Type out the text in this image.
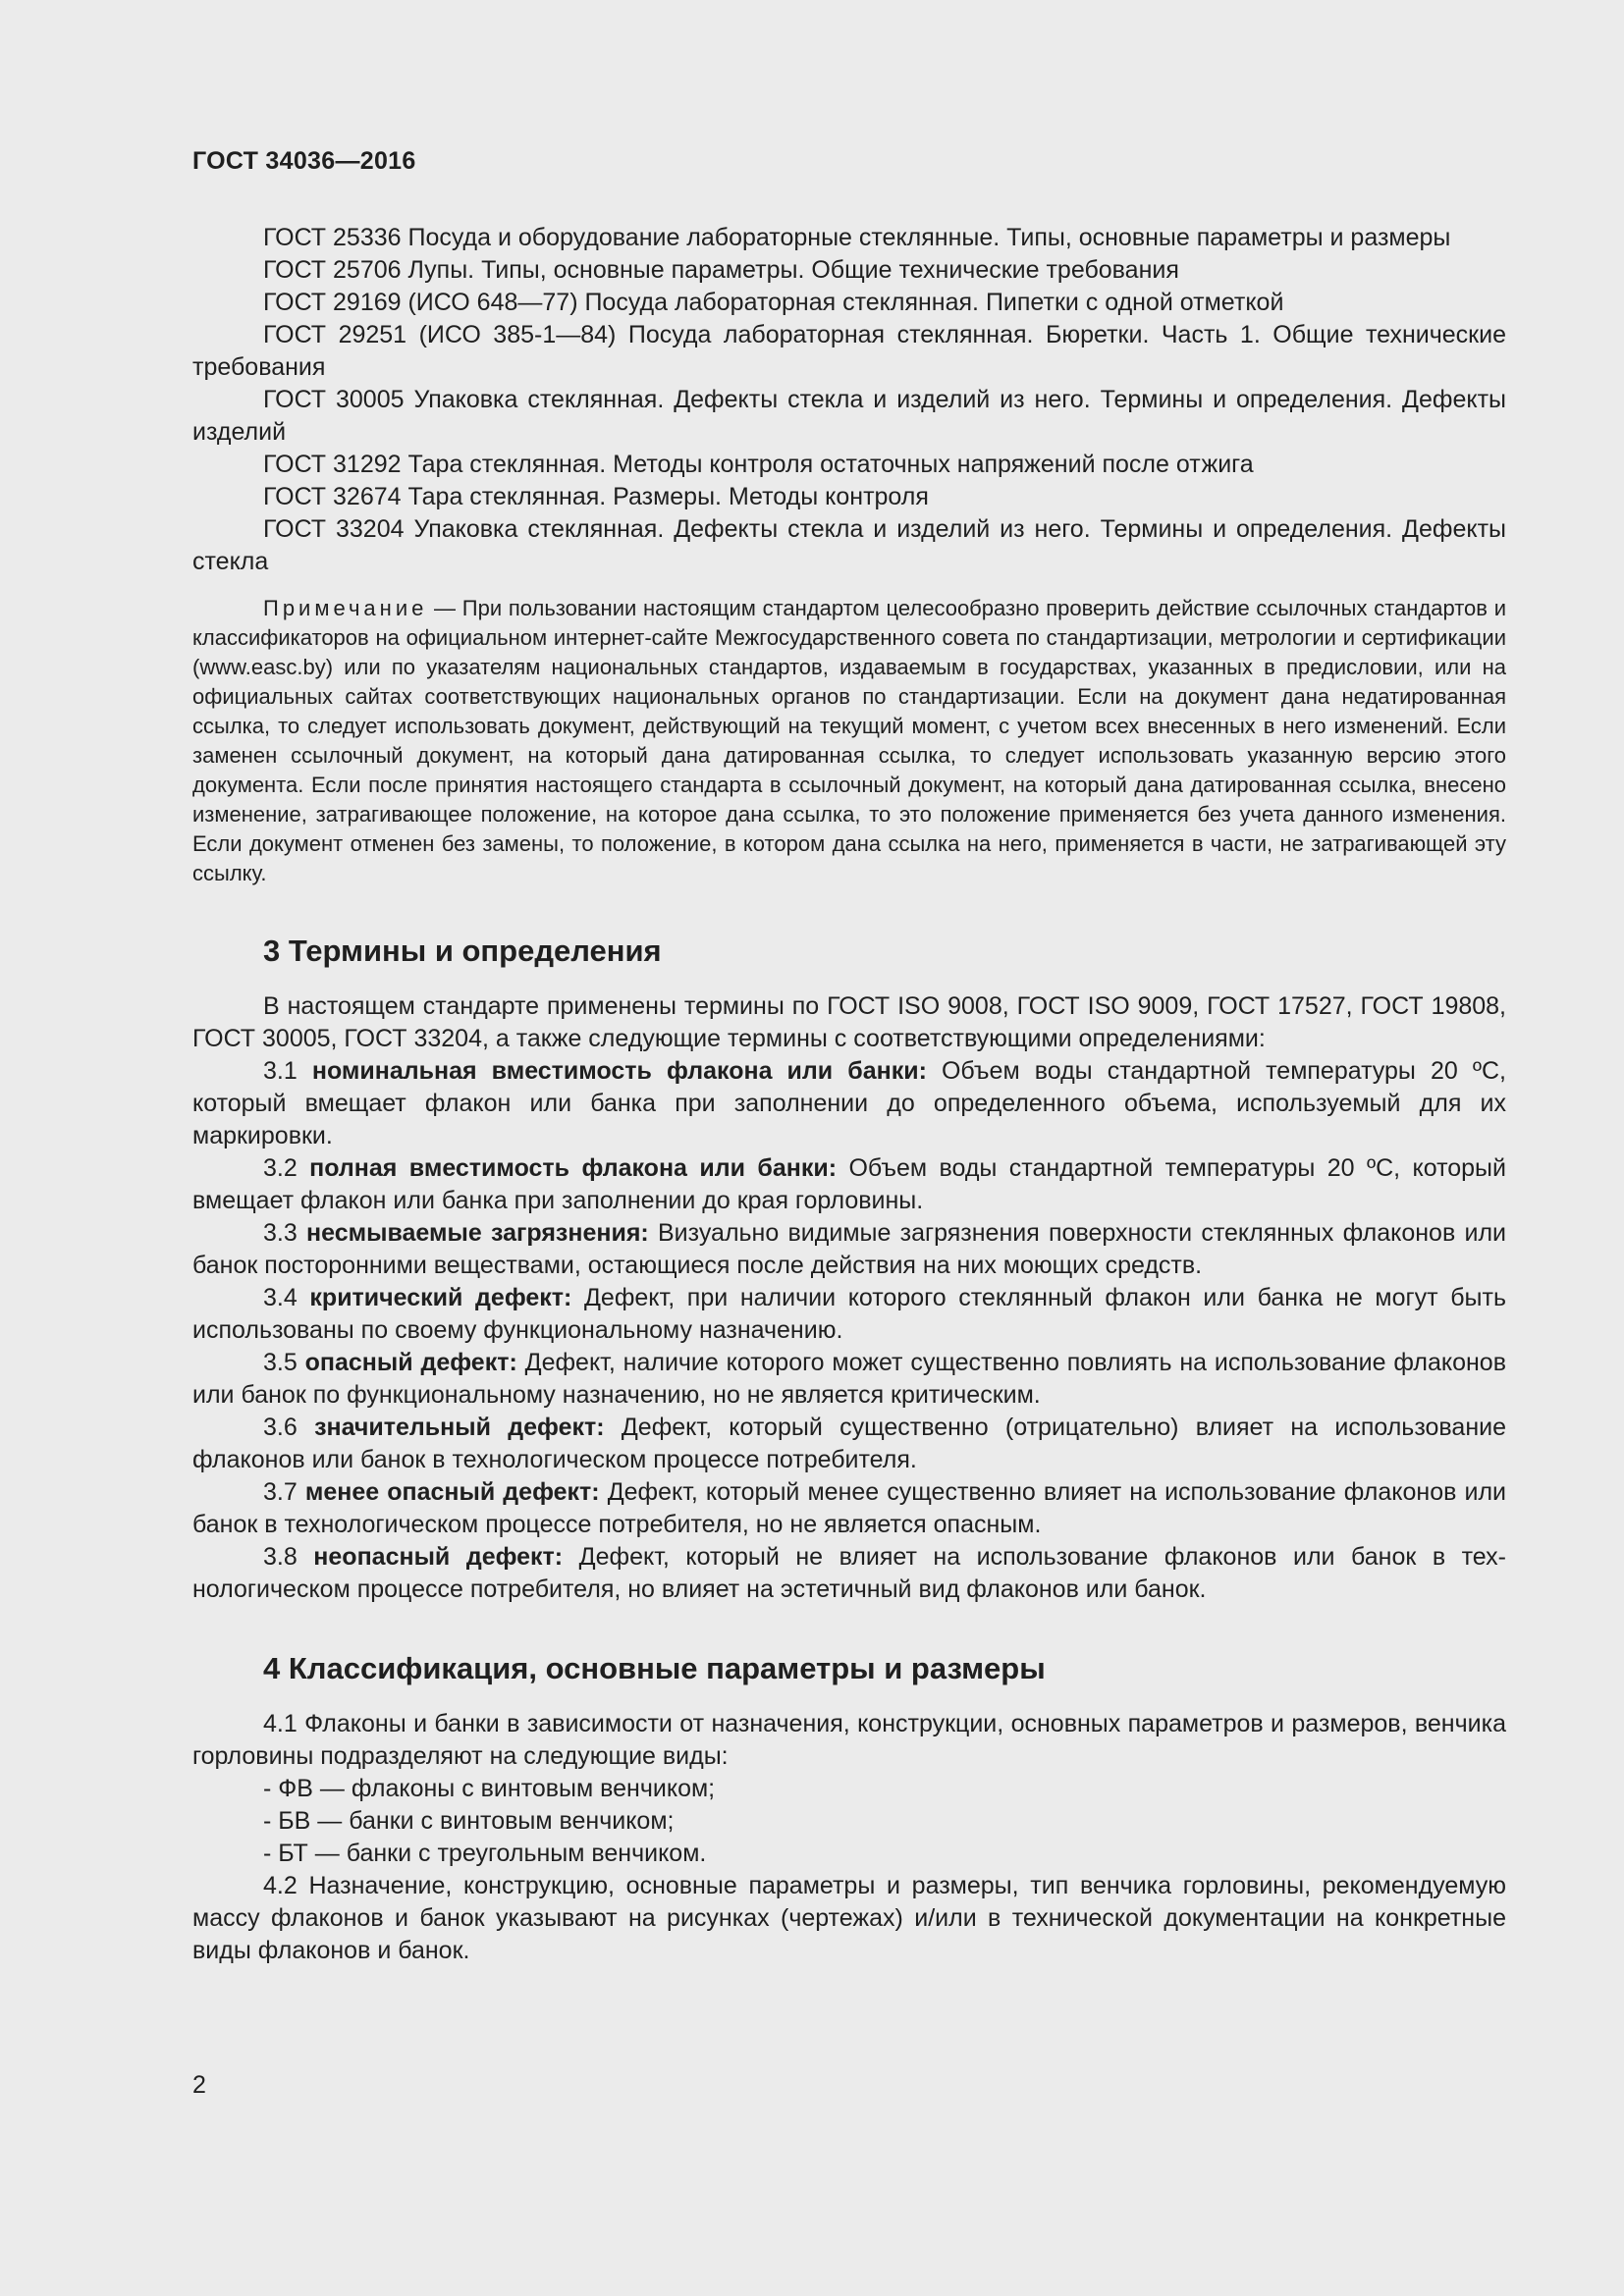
ГОСТ 34036—2016

ГОСТ 25336 Посуда и оборудование лабораторные стеклянные. Типы, основные параметры и размеры

ГОСТ 25706 Лупы. Типы, основные параметры. Общие технические требования

ГОСТ 29169 (ИСО 648—77) Посуда лабораторная стеклянная. Пипетки с одной отметкой

ГОСТ 29251 (ИСО 385-1—84) Посуда лабораторная стеклянная. Бюретки. Часть 1. Общие технические требования

ГОСТ 30005 Упаковка стеклянная. Дефекты стекла и изделий из него. Термины и определения. Дефекты изделий

ГОСТ 31292 Тара стеклянная. Методы контроля остаточных напряжений после отжига

ГОСТ 32674 Тара стеклянная. Размеры. Методы контроля

ГОСТ 33204 Упаковка стеклянная. Дефекты стекла и изделий из него. Термины и определения. Дефекты стекла

Примечание — При пользовании настоящим стандартом целесообразно проверить действие ссылочных стандартов и классификаторов на официальном интернет-сайте Межгосударственного совета по стандартизации, метрологии и сертификации (www.easc.by) или по указателям национальных стандартов, издаваемым в государствах, указанных в предисловии, или на официальных сайтах соответствующих национальных органов по стандартизации. Если на документ дана недатированная ссылка, то следует использовать документ, действующий на текущий момент, с учетом всех внесенных в него изменений. Если заменен ссылочный документ, на который дана датированная ссылка, то следует использовать указанную версию этого документа. Если после принятия настоящего стандарта в ссылочный документ, на который дана датированная ссылка, внесено изменение, затрагивающее положение, на которое дана ссылка, то это положение применяется без учета данного изменения. Если документ отменен без замены, то положение, в котором дана ссылка на него, применяется в части, не затрагивающей эту ссылку.

3 Термины и определения

В настоящем стандарте применены термины по ГОСТ ISO 9008, ГОСТ ISO 9009, ГОСТ 17527, ГОСТ 19808, ГОСТ 30005, ГОСТ 33204, а также следующие термины с соответствующими определениями:

3.1 номинальная вместимость флакона или банки: Объем воды стандартной температуры 20 ºС, который вмещает флакон или банка при заполнении до определенного объема, используемый для их маркировки.

3.2 полная вместимость флакона или банки: Объем воды стандартной температуры 20 ºС, который вмещает флакон или банка при заполнении до края горловины.

3.3 несмываемые загрязнения: Визуально видимые загрязнения поверхности стеклянных флаконов или банок посторонними веществами, остающиеся после действия на них моющих средств.

3.4 критический дефект: Дефект, при наличии которого стеклянный флакон или банка не могут быть использованы по своему функциональному назначению.

3.5 опасный дефект: Дефект, наличие которого может существенно повлиять на использование флаконов или банок по функциональному назначению, но не является критическим.

3.6 значительный дефект: Дефект, который существенно (отрицательно) влияет на использование флаконов или банок в технологическом процессе потребителя.

3.7 менее опасный дефект: Дефект, который менее существенно влияет на использование флаконов или банок в технологическом процессе потребителя, но не является опасным.

3.8 неопасный дефект: Дефект, который не влияет на использование флаконов или банок в технологическом процессе потребителя, но влияет на эстетичный вид флаконов или банок.

4 Классификация, основные параметры и размеры

4.1 Флаконы и банки в зависимости от назначения, конструкции, основных параметров и размеров, венчика горловины подразделяют на следующие виды:

- ФВ — флаконы с винтовым венчиком;

- БВ — банки с винтовым венчиком;

- БТ — банки с треугольным венчиком.

4.2 Назначение, конструкцию, основные параметры и размеры, тип венчика горловины, рекомендуемую массу флаконов и банок указывают на рисунках (чертежах) и/или в технической документации на конкретные виды флаконов и банок.

2
